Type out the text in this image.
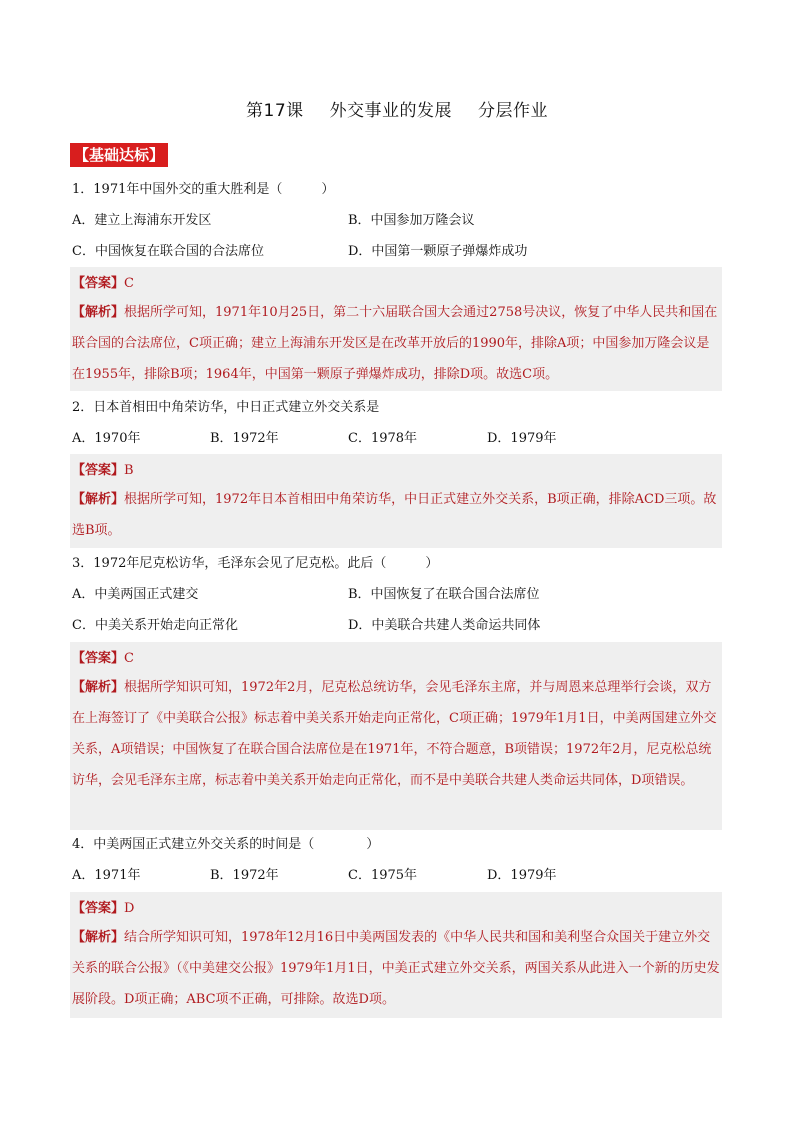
第17课 外交事业的发展 分层作业
【基础达标】
1．1971年中国外交的重大胜利是（　　　）
A．建立上海浦东开发区	B．中国参加万隆会议
C．中国恢复在联合国的合法席位	D．中国第一颗原子弹爆炸成功
【答案】C
【解析】根据所学可知，1971年10月25日，第二十六届联合国大会通过2758号决议，恢复了中华人民共和国在联合国的合法席位，C项正确；建立上海浦东开发区是在改革开放后的1990年，排除A项；中国参加万隆会议是在1955年，排除B项；1964年，中国第一颗原子弹爆炸成功，排除D项。故选C项。
2．日本首相田中角荣访华，中日正式建立外交关系是
A．1970年	B．1972年	C．1978年	D．1979年
【答案】B
【解析】根据所学可知，1972年日本首相田中角荣访华，中日正式建立外交关系，B项正确，排除ACD三项。故选B项。
3．1972年尼克松访华，毛泽东会见了尼克松。此后（　　　）
A．中美两国正式建交	B．中国恢复了在联合国合法席位
C．中美关系开始走向正常化	D．中美联合共建人类命运共同体
【答案】C
【解析】根据所学知识可知，1972年2月，尼克松总统访华，会见毛泽东主席，并与周恩来总理举行会谈，双方在上海签订了《中美联合公报》标志着中美关系开始走向正常化，C项正确；1979年1月1日，中美两国建立外交关系，A项错误；中国恢复了在联合国合法席位是在1971年，不符合题意，B项错误；1972年2月，尼克松总统访华，会见毛泽东主席，标志着中美关系开始走向正常化，而不是中美联合共建人类命运共同体，D项错误。
4．中美两国正式建立外交关系的时间是（　　　　）
A．1971年	B．1972年	C．1975年	D．1979年
【答案】D
【解析】结合所学知识可知，1978年12月16日中美两国发表的《中华人民共和国和美利坚合众国关于建立外交关系的联合公报》（《中美建交公报》1979年1月1日，中美正式建立外交关系，两国关系从此进入一个新的历史发展阶段。D项正确；ABC项不正确，可排除。故选D项。
